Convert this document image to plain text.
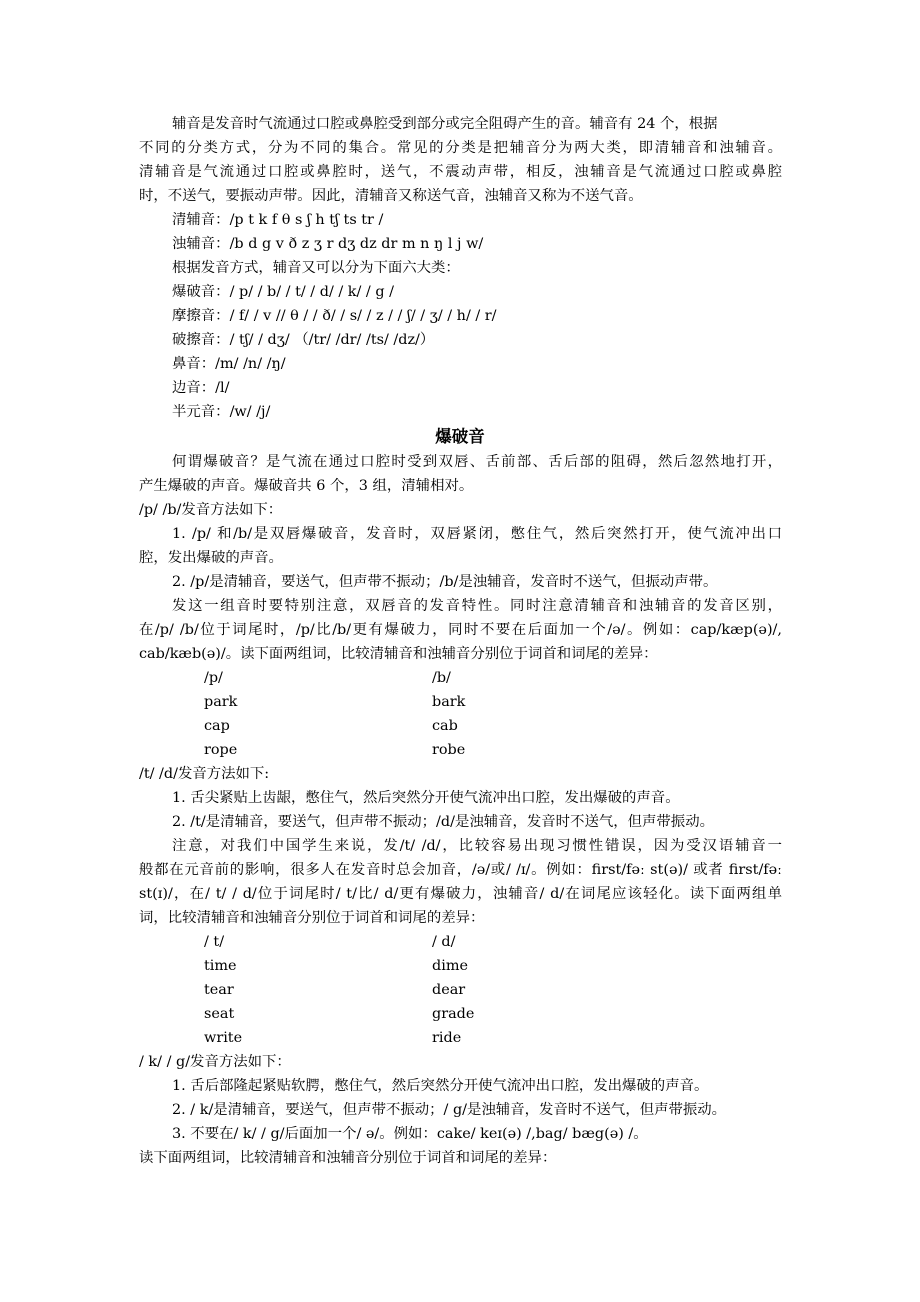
辅音是发音时气流通过口腔或鼻腔受到部分或完全阻碍产生的音。辅音有 24 个，根据
不同的分类方式，分为不同的集合。常见的分类是把辅音分为两大类，即清辅音和浊辅音。
清辅音是气流通过口腔或鼻腔时，送气，不震动声带，相反，浊辅音是气流通过口腔或鼻腔
时，不送气，要振动声带。因此，清辅音又称送气音，浊辅音又称为不送气音。
清辅音：/p t k f θ s ʃ h tʃ ts tr /
浊辅音：/b d g v ð z ʒ r dʒ dz dr m n ŋ l j w/
根据发音方式，辅音又可以分为下面六大类：
爆破音：/ p/ / b/ / t/ / d/ / k/ / g /
摩擦音：/ f/ / v // θ / / ð/ / s/ / z / / ʃ/ / ʒ/ / h/ / r/
破擦音：/ tʃ/ / dʒ/ （/tr/ /dr/ /ts/ /dz/）
鼻音：/m/ /n/ /ŋ/
边音：/l/
半元音：/w/ /j/
爆破音
何谓爆破音？是气流在通过口腔时受到双唇、舌前部、舌后部的阻碍，然后忽然地打开，
产生爆破的声音。爆破音共 6 个，3 组，清辅相对。
/p/ /b/发音方法如下：
1. /p/ 和/b/是双唇爆破音，发音时，双唇紧闭，憋住气，然后突然打开，使气流冲出口
腔，发出爆破的声音。
2. /p/是清辅音，要送气，但声带不振动；/b/是浊辅音，发音时不送气，但振动声带。
发这一组音时要特别注意，双唇音的发音特性。同时注意清辅音和浊辅音的发音区别，
在/p/ /b/位于词尾时，/p/比/b/更有爆破力，同时不要在后面加一个/ə/。例如：cap/kæp(ə)/,
cab/kæb(ə)/。读下面两组词，比较清辅音和浊辅音分别位于词首和词尾的差异：
/p/	/b/
park	bark
cap	cab
rope	robe
/t/ /d/发音方法如下:
1. 舌尖紧贴上齿龈，憋住气，然后突然分开使气流冲出口腔，发出爆破的声音。
2. /t/是清辅音，要送气，但声带不振动；/d/是浊辅音，发音时不送气，但声带振动。
注意，对我们中国学生来说，发/t/ /d/，比较容易出现习惯性错误，因为受汉语辅音一
般都在元音前的影响，很多人在发音时总会加音，/ə/或/ /ɪ/。例如：first/fəː st(ə)/ 或者 first/fəː
st(ɪ)/，在/ t/ / d/位于词尾时/ t/比/ d/更有爆破力，浊辅音/ d/在词尾应该轻化。读下面两组单
词，比较清辅音和浊辅音分别位于词首和词尾的差异：
/ t/	/ d/
time	dime
tear	dear
seat	grade
write	ride
/ k/ / g/发音方法如下：
1. 舌后部隆起紧贴软腭，憋住气，然后突然分开使气流冲出口腔，发出爆破的声音。
2. / k/是清辅音，要送气，但声带不振动；/ g/是浊辅音，发音时不送气，但声带振动。
3. 不要在/ k/ / g/后面加一个/ ə/。例如：cake/ keɪ(ə) /,bag/ bæg(ə) /。
读下面两组词，比较清辅音和浊辅音分别位于词首和词尾的差异：
